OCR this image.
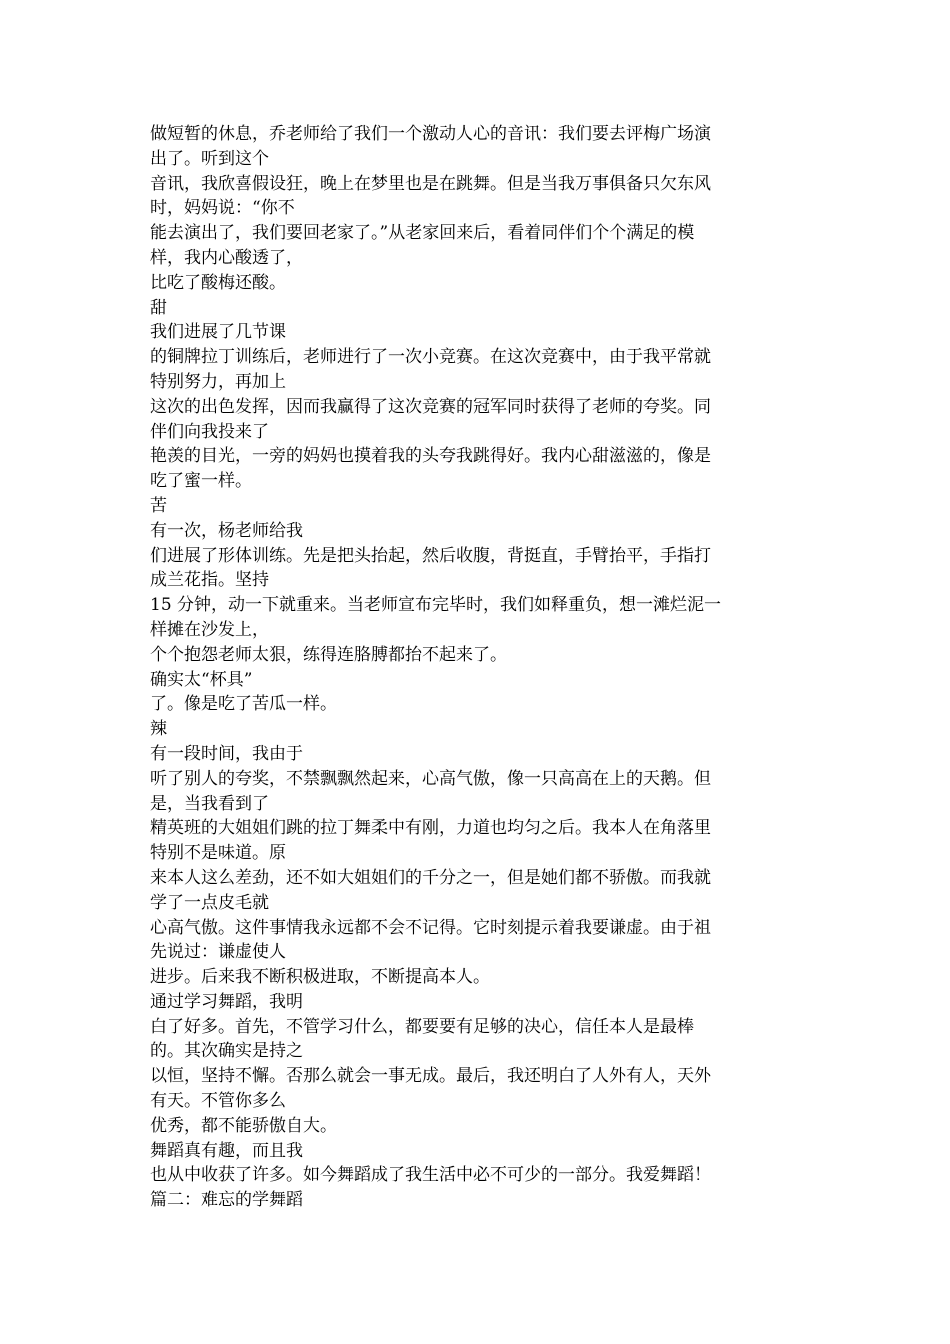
做短暂的休息，乔老师给了我们一个激动人心的音讯：我们要去评梅广场演
出了。听到这个
音讯，我欣喜假设狂，晚上在梦里也是在跳舞。但是当我万事俱备只欠东风
时，妈妈说：“你不
能去演出了，我们要回老家了。”从老家回来后，看着同伴们个个满足的模
样，我内心酸透了，
比吃了酸梅还酸。
甜
我们进展了几节课
的铜牌拉丁训练后，老师进行了一次小竞赛。在这次竞赛中，由于我平常就
特别努力，再加上
这次的出色发挥，因而我赢得了这次竞赛的冠军同时获得了老师的夸奖。同
伴们向我投来了
艳羡的目光，一旁的妈妈也摸着我的头夸我跳得好。我内心甜滋滋的，像是
吃了蜜一样。
苦
有一次，杨老师给我
们进展了形体训练。先是把头抬起，然后收腹，背挺直，手臂抬平，手指打
成兰花指。坚持
15 分钟，动一下就重来。当老师宣布完毕时，我们如释重负，想一滩烂泥一
样摊在沙发上，
个个抱怨老师太狠，练得连胳膊都抬不起来了。
确实太“杯具”
了。像是吃了苦瓜一样。
辣
有一段时间，我由于
听了别人的夸奖，不禁飘飘然起来，心高气傲，像一只高高在上的天鹅。但
是，当我看到了
精英班的大姐姐们跳的拉丁舞柔中有刚，力道也均匀之后。我本人在角落里
特别不是味道。原
来本人这么差劲，还不如大姐姐们的千分之一，但是她们都不骄傲。而我就
学了一点皮毛就
心高气傲。这件事情我永远都不会不记得。它时刻提示着我要谦虚。由于祖
先说过：谦虚使人
进步。后来我不断积极进取，不断提高本人。
通过学习舞蹈，我明
白了好多。首先，不管学习什么，都要要有足够的决心，信任本人是最棒
的。其次确实是持之
以恒，坚持不懈。否那么就会一事无成。最后，我还明白了人外有人，天外
有天。不管你多么
优秀，都不能骄傲自大。
舞蹈真有趣，而且我
也从中收获了许多。如今舞蹈成了我生活中必不可少的一部分。我爱舞蹈！
篇二：难忘的学舞蹈
